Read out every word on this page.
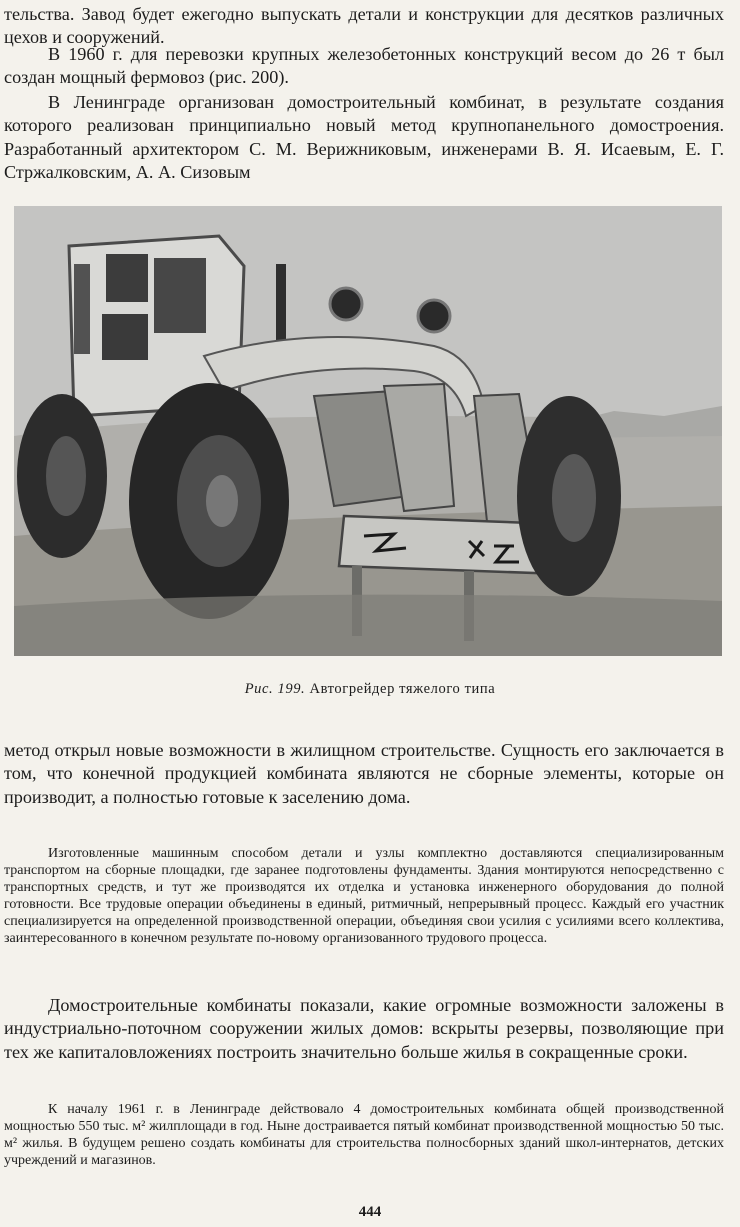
тельства. Завод будет ежегодно выпускать детали и конструкции для десятков различных цехов и сооружений.

В 1960 г. для перевозки крупных железобетонных конструкций весом до 26 т был создан мощный фермовоз (рис. 200).

В Ленинграде организован домостроительный комбинат, в результате создания которого реализован принципиально новый метод крупнопанельного домостроения. Разработанный архитектором С. М. Верижниковым, инженерами В. Я. Исаевым, Е. Г. Стржалковским, А. А. Сизовым

Рис. 199. Автогрейдер тяжелого типа

метод открыл новые возможности в жилищном строительстве. Сущность его заключается в том, что конечной продукцией комбината являются не сборные элементы, которые он производит, а полностью готовые к заселению дома.

Изготовленные машинным способом детали и узлы комплектно доставляются специализированным транспортом на сборные площадки, где заранее подготовлены фундаменты. Здания монтируются непосредственно с транспортных средств, и тут же производятся их отделка и установка инженерного оборудования до полной готовности. Все трудовые операции объединены в единый, ритмичный, непрерывный процесс. Каждый его участник специализируется на определенной производственной операции, объединяя свои усилия с усилиями всего коллектива, заинтересованного в конечном результате по-новому организованного трудового процесса.

Домостроительные комбинаты показали, какие огромные возможности заложены в индустриально-поточном сооружении жилых домов: вскрыты резервы, позволяющие при тех же капиталовложениях построить значительно больше жилья в сокращенные сроки.

К началу 1961 г. в Ленинграде действовало 4 домостроительных комбината общей производственной мощностью 550 тыс. м² жилплощади в год. Ныне достраивается пятый комбинат производственной мощностью 50 тыс. м² жилья. В будущем решено создать комбинаты для строительства полносборных зданий школ-интернатов, детских учреждений и магазинов.

444
